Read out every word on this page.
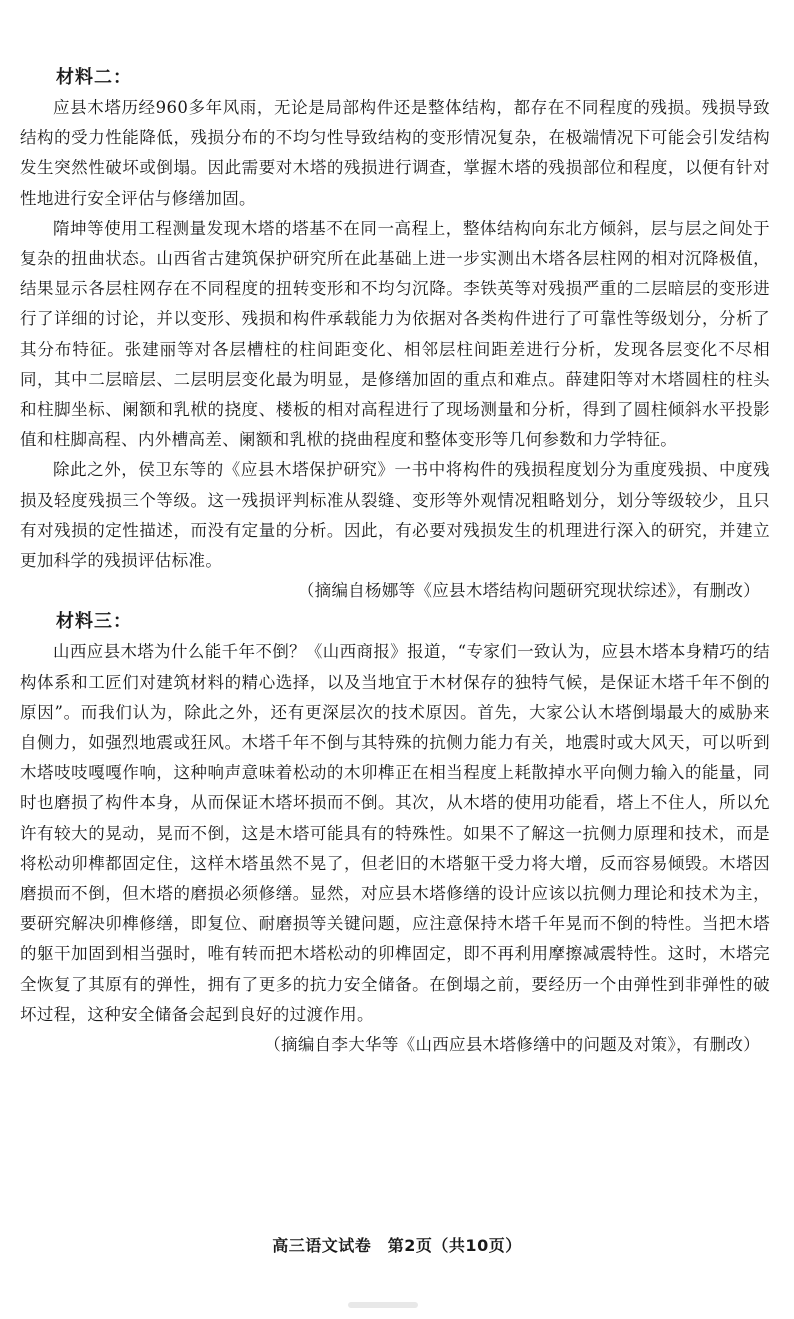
材料二：

应县木塔历经960多年风雨，无论是局部构件还是整体结构，都存在不同程度的残损。残损导致结构的受力性能降低，残损分布的不均匀性导致结构的变形情况复杂，在极端情况下可能会引发结构发生突然性破坏或倒塌。因此需要对木塔的残损进行调查，掌握木塔的残损部位和程度，以便有针对性地进行安全评估与修缮加固。

隋坤等使用工程测量发现木塔的塔基不在同一高程上，整体结构向东北方倾斜，层与层之间处于复杂的扭曲状态。山西省古建筑保护研究所在此基础上进一步实测出木塔各层柱网的相对沉降极值，结果显示各层柱网存在不同程度的扭转变形和不均匀沉降。李铁英等对残损严重的二层暗层的变形进行了详细的讨论，并以变形、残损和构件承载能力为依据对各类构件进行了可靠性等级划分，分析了其分布特征。张建丽等对各层槽柱的柱间距变化、相邻层柱间距差进行分析，发现各层变化不尽相同，其中二层暗层、二层明层变化最为明显，是修缮加固的重点和难点。薛建阳等对木塔圆柱的柱头和柱脚坐标、阑额和乳栿的挠度、楼板的相对高程进行了现场测量和分析，得到了圆柱倾斜水平投影值和柱脚高程、内外槽高差、阑额和乳栿的挠曲程度和整体变形等几何参数和力学特征。

除此之外，侯卫东等的《应县木塔保护研究》一书中将构件的残损程度划分为重度残损、中度残损及轻度残损三个等级。这一残损评判标准从裂缝、变形等外观情况粗略划分，划分等级较少，且只有对残损的定性描述，而没有定量的分析。因此，有必要对残损发生的机理进行深入的研究，并建立更加科学的残损评估标准。

（摘编自杨娜等《应县木塔结构问题研究现状综述》，有删改）

材料三：

山西应县木塔为什么能千年不倒？《山西商报》报道，“专家们一致认为，应县木塔本身精巧的结构体系和工匠们对建筑材料的精心选择，以及当地宜于木材保存的独特气候，是保证木塔千年不倒的原因”。而我们认为，除此之外，还有更深层次的技术原因。首先，大家公认木塔倒塌最大的威胁来自侧力，如强烈地震或狂风。木塔千年不倒与其特殊的抗侧力能力有关，地震时或大风天，可以听到木塔吱吱嘎嘎作响，这种响声意味着松动的木卯榫正在相当程度上耗散掉水平向侧力输入的能量，同时也磨损了构件本身，从而保证木塔坏损而不倒。其次，从木塔的使用功能看，塔上不住人，所以允许有较大的晃动，晃而不倒，这是木塔可能具有的特殊性。如果不了解这一抗侧力原理和技术，而是将松动卯榫都固定住，这样木塔虽然不晃了，但老旧的木塔躯干受力将大增，反而容易倾毁。木塔因磨损而不倒，但木塔的磨损必须修缮。显然，对应县木塔修缮的设计应该以抗侧力理论和技术为主，要研究解决卯榫修缮，即复位、耐磨损等关键问题，应注意保持木塔千年晃而不倒的特性。当把木塔的躯干加固到相当强时，唯有转而把木塔松动的卯榫固定，即不再利用摩擦减震特性。这时，木塔完全恢复了其原有的弹性，拥有了更多的抗力安全储备。在倒塌之前，要经历一个由弹性到非弹性的破坏过程，这种安全储备会起到良好的过渡作用。

（摘编自李大华等《山西应县木塔修缮中的问题及对策》，有删改）

高三语文试卷　第2页（共10页）
